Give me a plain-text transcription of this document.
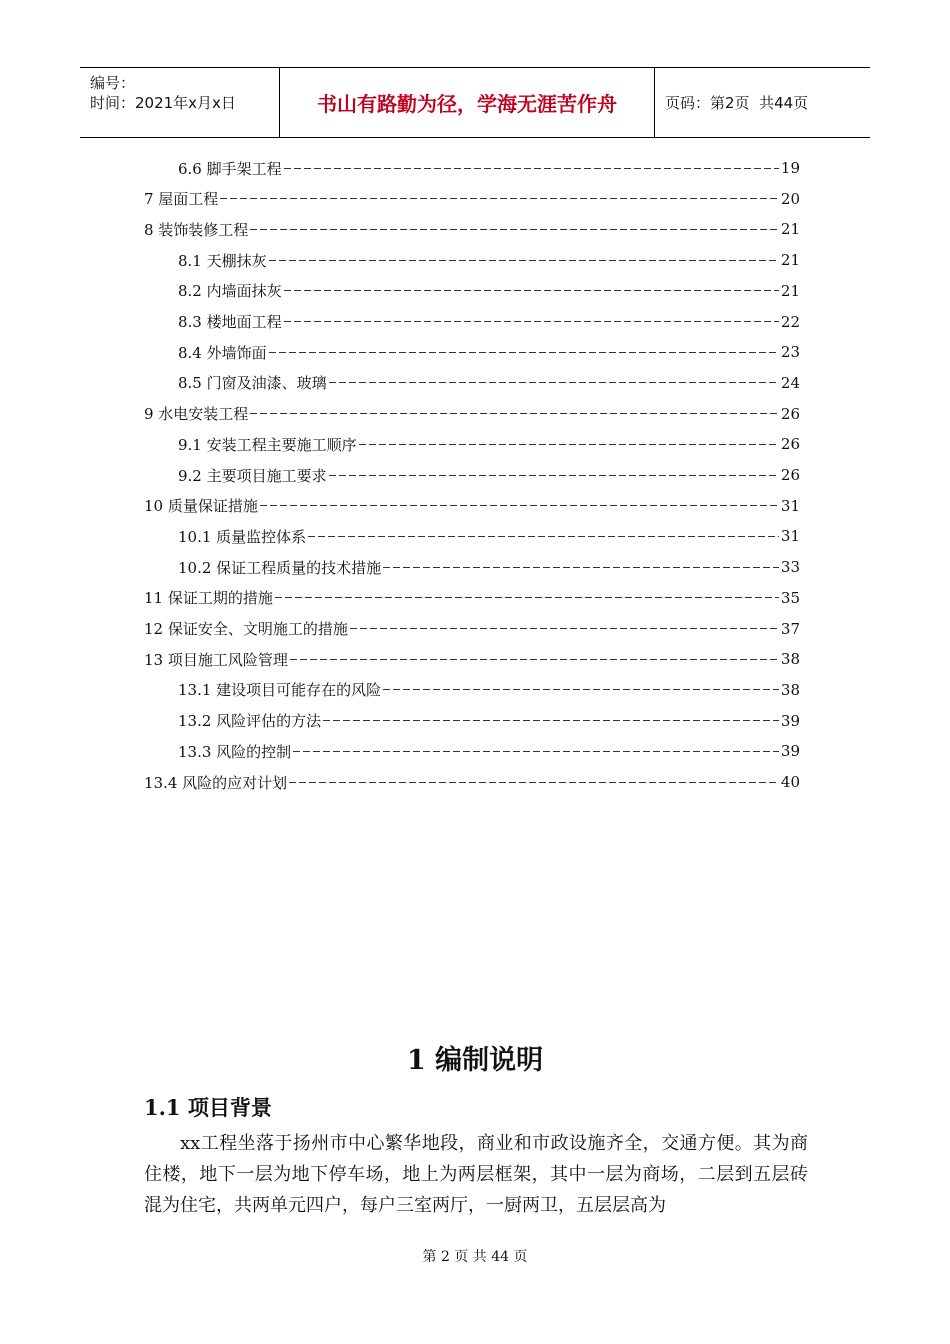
编号：
时间：2021年x月x日	书山有路勤为径，学海无涯苦作舟	页码：第2页  共44页
6.6 脚手架工程	19
7 屋面工程	20
8 装饰装修工程	21
8.1 天棚抹灰	21
8.2 内墙面抹灰	21
8.3 楼地面工程	22
8.4 外墙饰面	23
8.5 门窗及油漆、玻璃	24
9 水电安装工程	26
9.1 安装工程主要施工顺序	26
9.2 主要项目施工要求	26
10 质量保证措施	31
10.1 质量监控体系	31
10.2 保证工程质量的技术措施	33
11 保证工期的措施	35
12 保证安全、文明施工的措施	37
13 项目施工风险管理	38
13.1 建设项目可能存在的风险	38
13.2 风险评估的方法	39
13.3 风险的控制	39
13.4 风险的应对计划	40
1 编制说明
1.1 项目背景

xx工程坐落于扬州市中心繁华地段，商业和市政设施齐全，交通方便。其为商住楼，地下一层为地下停车场，地上为两层框架，其中一层为商场，二层到五层砖混为住宅，共两单元四户，每户三室两厅，一厨两卫，五层层高为

第 2 页 共 44 页
